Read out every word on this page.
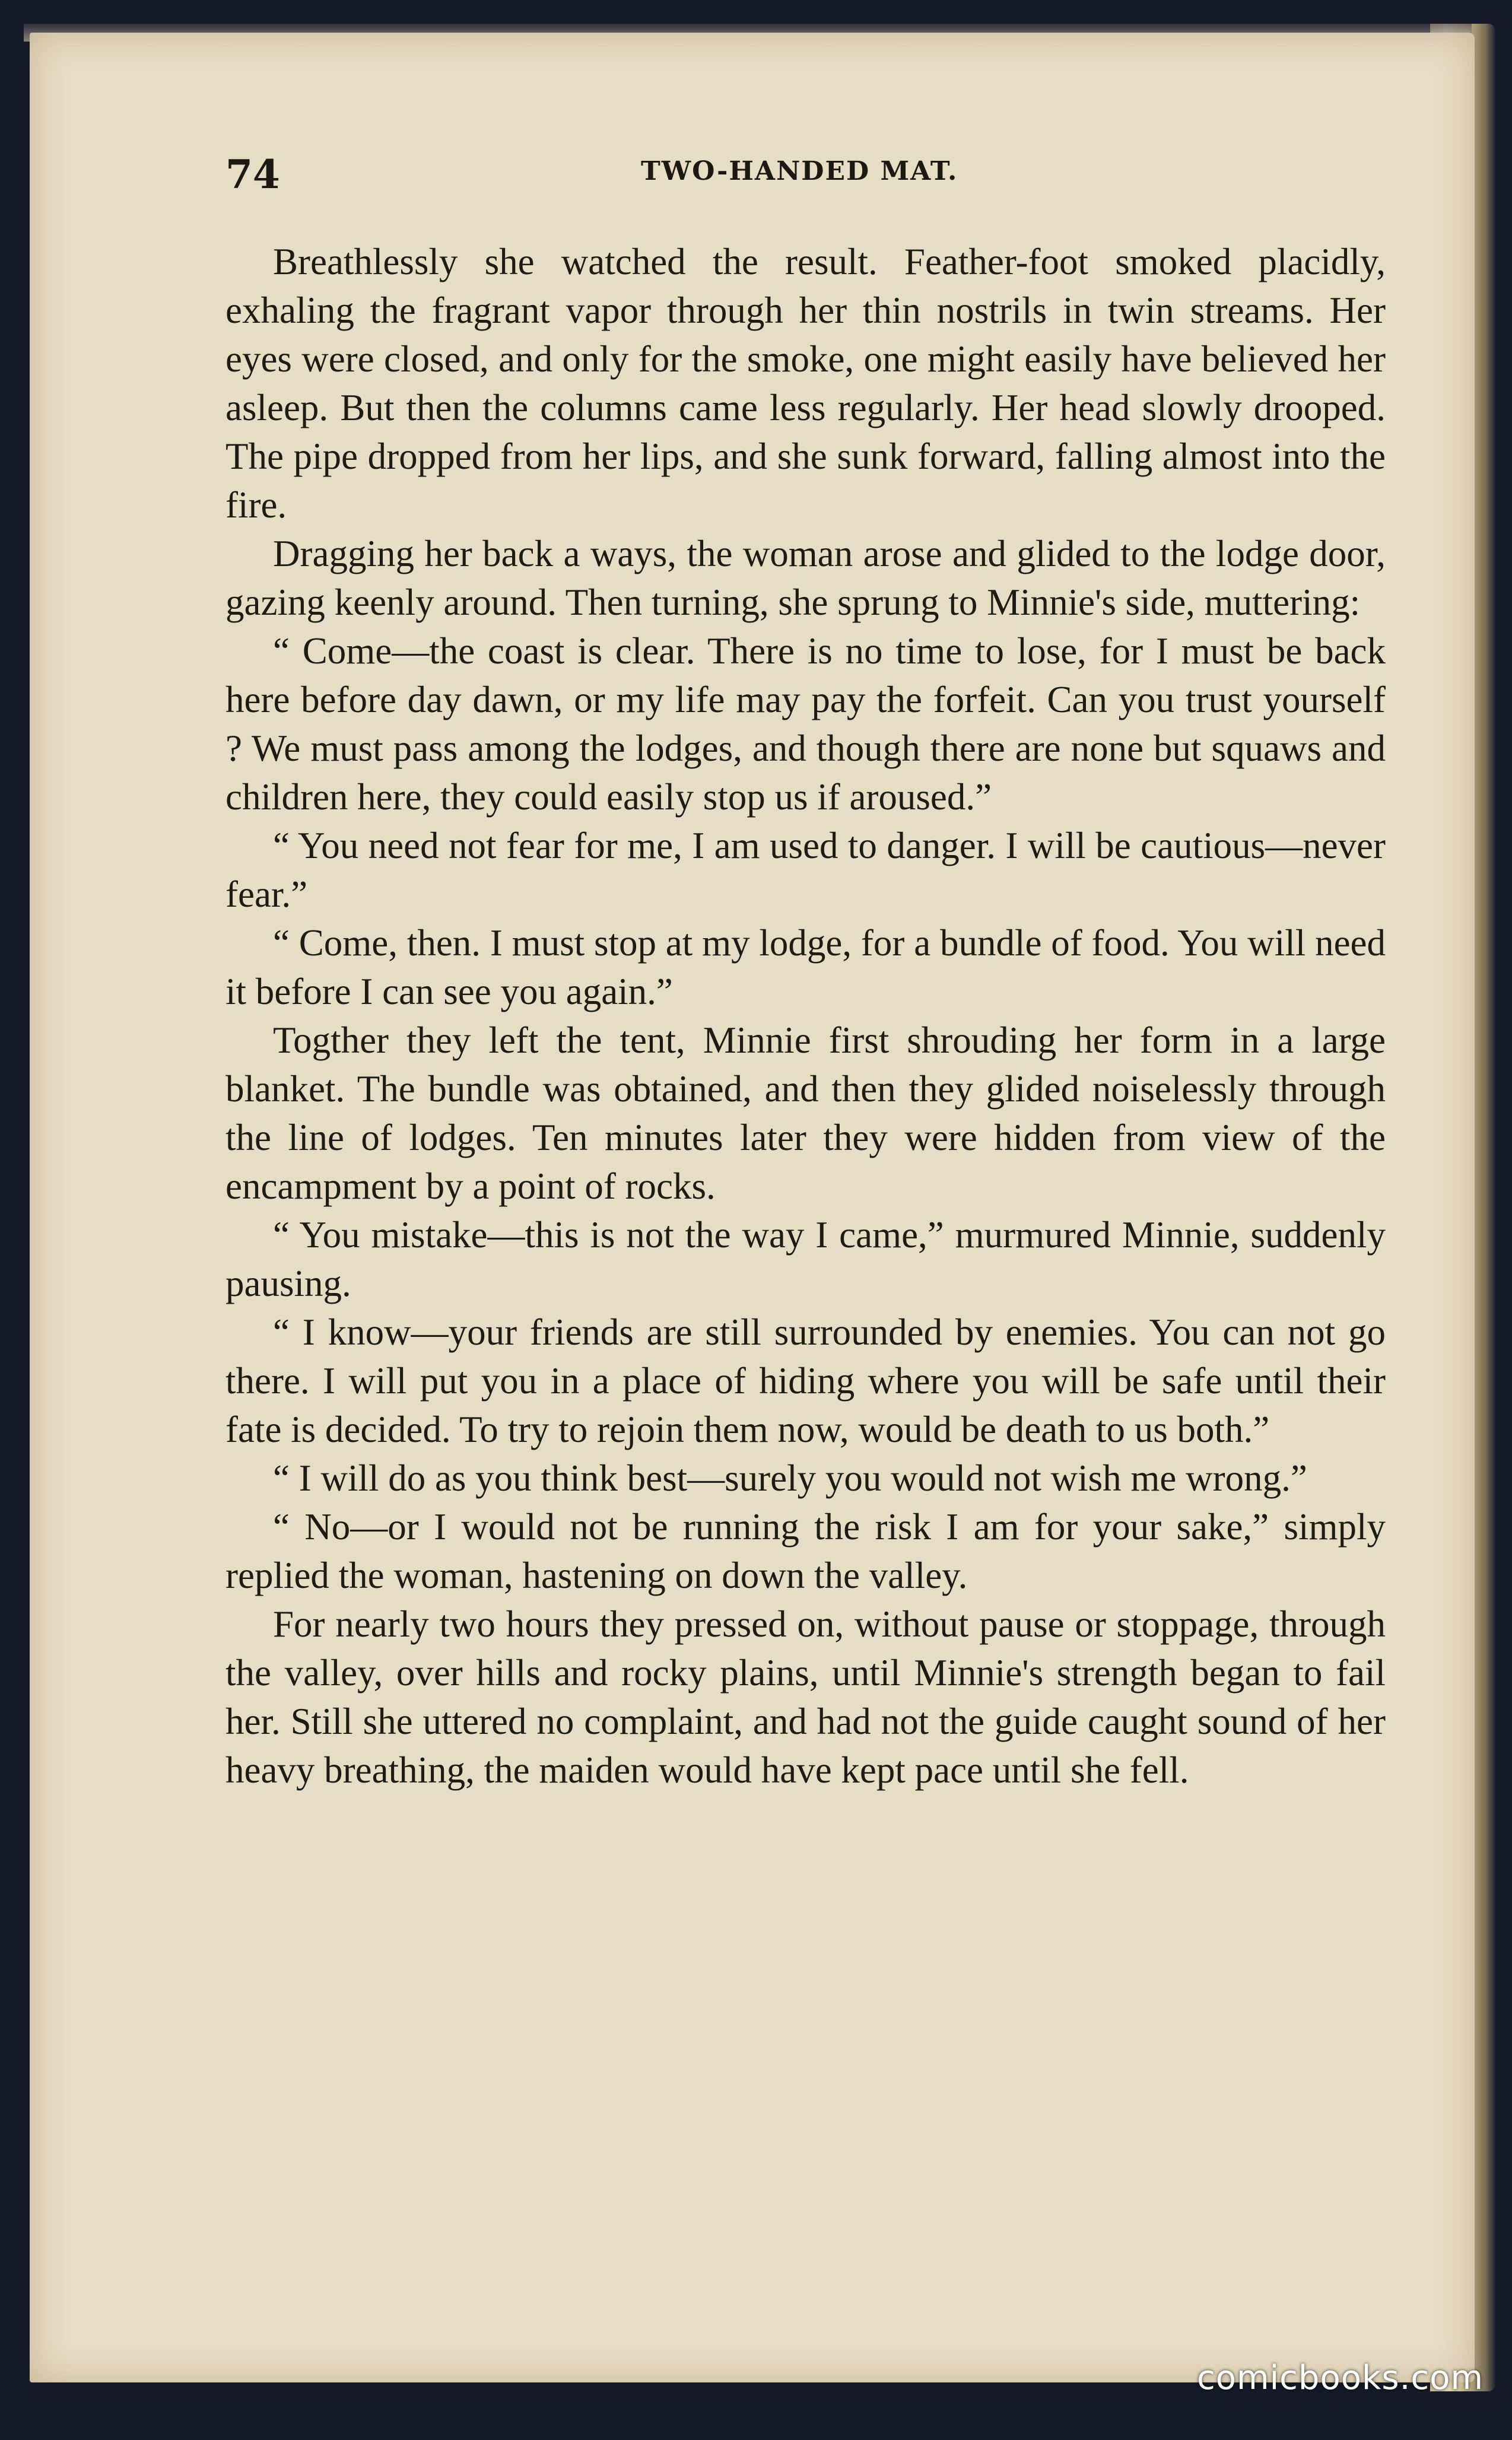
74	TWO-HANDED MAT.

Breathlessly she watched the result. Feather-foot smoked placidly, exhaling the fragrant vapor through her thin nostrils in twin streams. Her eyes were closed, and only for the smoke, one might easily have believed her asleep. But then the columns came less regularly. Her head slowly drooped. The pipe dropped from her lips, and she sunk forward, falling almost into the fire.

Dragging her back a ways, the woman arose and glided to the lodge door, gazing keenly around. Then turning, she sprung to Minnie's side, muttering:

“ Come—the coast is clear. There is no time to lose, for I must be back here before day dawn, or my life may pay the forfeit. Can you trust yourself ? We must pass among the lodges, and though there are none but squaws and children here, they could easily stop us if aroused.”

“ You need not fear for me, I am used to danger. I will be cautious—never fear.”

“ Come, then. I must stop at my lodge, for a bundle of food. You will need it before I can see you again.”

Togther they left the tent, Minnie first shrouding her form in a large blanket. The bundle was obtained, and then they glided noiselessly through the line of lodges. Ten minutes later they were hidden from view of the encampment by a point of rocks.

“ You mistake—this is not the way I came,” murmured Minnie, suddenly pausing.

“ I know—your friends are still surrounded by enemies. You can not go there. I will put you in a place of hiding where you will be safe until their fate is decided. To try to rejoin them now, would be death to us both.”

“ I will do as you think best—surely you would not wish me wrong.”

“ No—or I would not be running the risk I am for your sake,” simply replied the woman, hastening on down the valley.

For nearly two hours they pressed on, without pause or stoppage, through the valley, over hills and rocky plains, until Minnie's strength began to fail her. Still she uttered no complaint, and had not the guide caught sound of her heavy breathing, the maiden would have kept pace until she fell.

comicbooks.com
